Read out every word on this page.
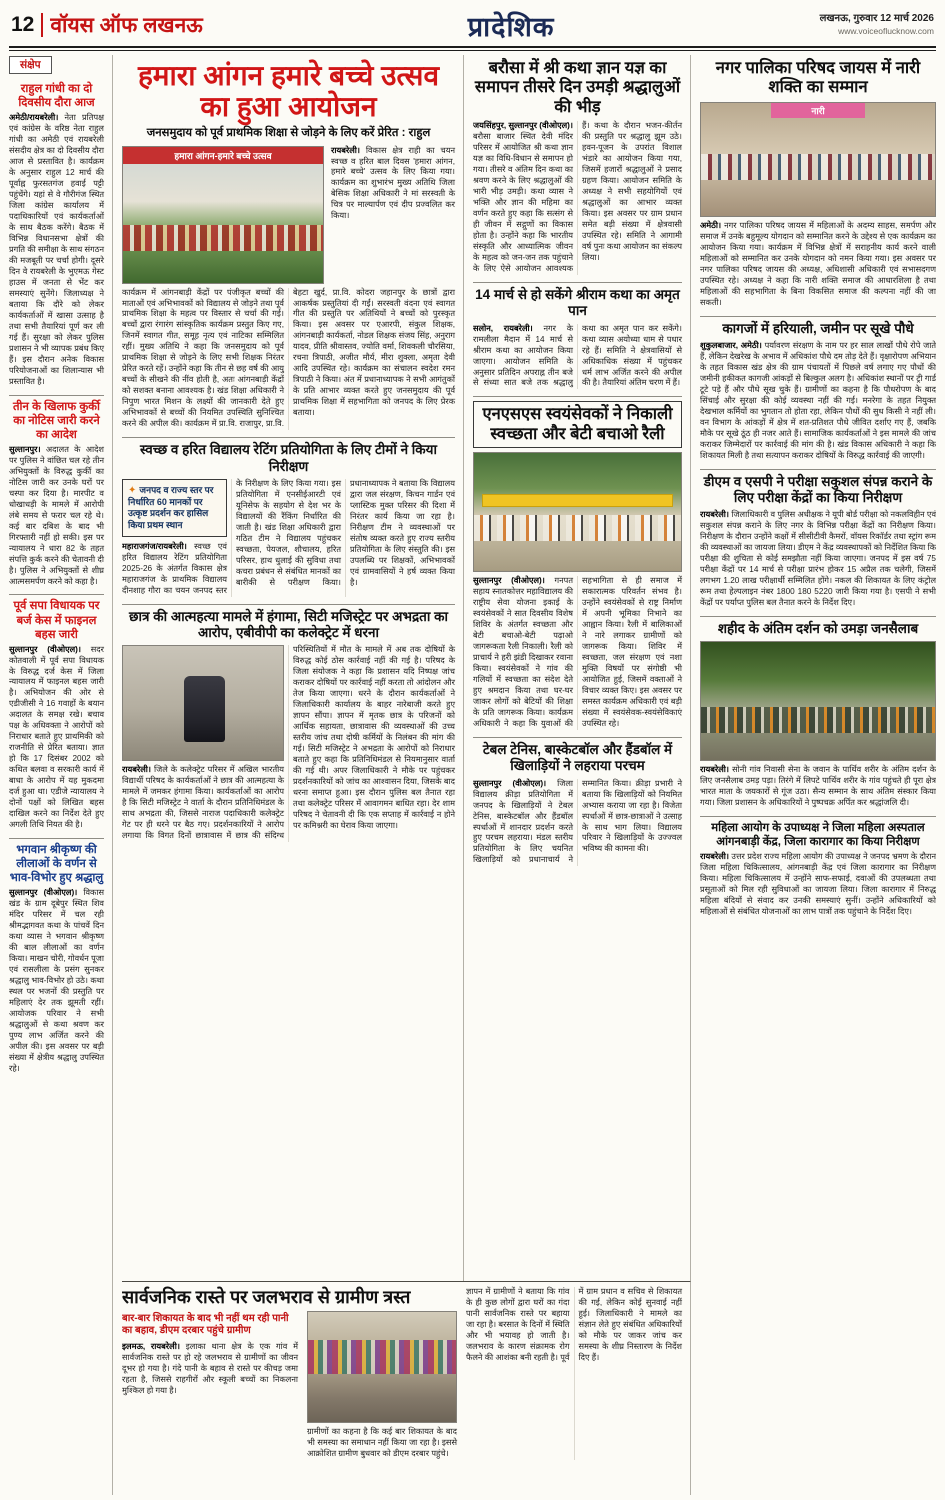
12 वॉयस ऑफ लखनऊ	प्रादेशिक	लखनऊ, गुरुवार 12 मार्च 2026
www.voiceoflucknow.com
संक्षेप
राहुल गांधी का दो दिवसीय दौरा आज

अमेठी/रायबरेली। नेता प्रतिपक्ष एवं कांग्रेस के वरिष्ठ नेता राहुल गांधी का अमेठी एवं रायबरेली संसदीय क्षेत्र का दो दिवसीय दौरा आज से प्रस्तावित है। कार्यक्रम के अनुसार राहुल 12 मार्च की पूर्वाह्न फुरसतगंज हवाई पट्टी पहुंचेंगे। यहां से वे गौरीगंज स्थित जिला कांग्रेस कार्यालय में पदाधिकारियों एवं कार्यकर्ताओं के साथ बैठक करेंगे। बैठक में विभिन्न विधानसभा क्षेत्रों की प्रगति की समीक्षा के साथ संगठन की मजबूती पर चर्चा होगी। दूसरे दिन वे रायबरेली के भुएमऊ गेस्ट हाउस में जनता से भेंट कर समस्याएं सुनेंगे। जिलाध्यक्ष ने बताया कि दौरे को लेकर कार्यकर्ताओं में खासा उत्साह है तथा सभी तैयारियां पूर्ण कर ली गई हैं। सुरक्षा को लेकर पुलिस प्रशासन ने भी व्यापक प्रबंध किए हैं। इस दौरान अनेक विकास परियोजनाओं का शिलान्यास भी प्रस्तावित है।

तीन के खिलाफ कुर्की का नोटिस जारी करने का आदेश

सुल्तानपुर। अदालत के आदेश पर पुलिस ने वांछित चल रहे तीन अभियुक्तों के विरुद्ध कुर्की का नोटिस जारी कर उनके घरों पर चस्पा कर दिया है। मारपीट व धोखाधड़ी के मामले में आरोपी लंबे समय से फरार चल रहे थे। कई बार दबिश के बाद भी गिरफ्तारी नहीं हो सकी। इस पर न्यायालय ने धारा 82 के तहत संपत्ति कुर्क करने की चेतावनी दी है। पुलिस ने अभियुक्तों से शीघ्र आत्मसमर्पण करने को कहा है।

पूर्व सपा विधायक पर बर्ज केस में फाइनल बहस जारी

सुल्तानपुर (वीओएल)। सदर कोतवाली में पूर्व सपा विधायक के विरुद्ध दर्ज केस में जिला न्यायालय में फाइनल बहस जारी है। अभियोजन की ओर से एडीजीसी ने 16 गवाहों के बयान अदालत के समक्ष रखे। बचाव पक्ष के अधिवक्ता ने आरोपों को निराधार बताते हुए प्राथमिकी को राजनीति से प्रेरित बताया। ज्ञात हो कि 17 दिसंबर 2002 को कथित बलवा व सरकारी कार्य में बाधा के आरोप में यह मुकदमा दर्ज हुआ था। एडीजे न्यायालय ने दोनों पक्षों को लिखित बहस दाखिल करने का निर्देश देते हुए अगली तिथि नियत की है।

भगवान श्रीकृष्ण की लीलाओं के वर्णन से भाव-विभोर हुए श्रद्धालु

सुल्तानपुर (वीओएल)। विकास खंड के ग्राम दूबेपुर स्थित शिव मंदिर परिसर में चल रही श्रीमद्भागवत कथा के पांचवें दिन कथा व्यास ने भगवान श्रीकृष्ण की बाल लीलाओं का वर्णन किया। माखन चोरी, गोवर्धन पूजा एवं रासलीला के प्रसंग सुनकर श्रद्धालु भाव-विभोर हो उठे। कथा स्थल पर भजनों की प्रस्तुति पर महिलाएं देर तक झूमती रहीं। आयोजक परिवार ने सभी श्रद्धालुओं से कथा श्रवण कर पुण्य लाभ अर्जित करने की अपील की। इस अवसर पर बड़ी संख्या में क्षेत्रीय श्रद्धालु उपस्थित रहे।

हमारा आंगन हमारे बच्चे उत्सव का हुआ आयोजन
जनसमुदाय को पूर्व प्राथमिक शिक्षा से जोड़ने के लिए करें प्रेरित : राहुल
हमारा आंगन-हमारे बच्चे उत्सव

रायबरेली। विकास क्षेत्र राही का चयन स्वच्छ व हरित बाल दिवस 'हमारा आंगन, हमारे बच्चे' उत्सव के लिए किया गया। कार्यक्रम का शुभारंभ मुख्य अतिथि जिला बेसिक शिक्षा अधिकारी ने मां सरस्वती के चित्र पर माल्यार्पण एवं दीप प्रज्वलित कर किया।

कार्यक्रम में आंगनबाड़ी केंद्रों पर पंजीकृत बच्चों की माताओं एवं अभिभावकों को विद्यालय से जोड़ने तथा पूर्व प्राथमिक शिक्षा के महत्व पर विस्तार से चर्चा की गई। बच्चों द्वारा रंगारंग सांस्कृतिक कार्यक्रम प्रस्तुत किए गए, जिनमें स्वागत गीत, समूह नृत्य एवं नाटिका सम्मिलित रहीं। मुख्य अतिथि ने कहा कि जनसमुदाय को पूर्व प्राथमिक शिक्षा से जोड़ने के लिए सभी शिक्षक निरंतर प्रेरित करते रहें। उन्होंने कहा कि तीन से छह वर्ष की आयु बच्चों के सीखने की नींव होती है, अतः आंगनबाड़ी केंद्रों को सशक्त बनाना आवश्यक है। खंड शिक्षा अधिकारी ने निपुण भारत मिशन के लक्ष्यों की जानकारी देते हुए अभिभावकों से बच्चों की नियमित उपस्थिति सुनिश्चित करने की अपील की। कार्यक्रम में प्रा.वि. राजापुर, प्रा.वि. बेहटा खुर्द, प्रा.वि. कोदरा जहानपुर के छात्रों द्वारा आकर्षक प्रस्तुतियां दी गईं। सरस्वती वंदना एवं स्वागत गीत की प्रस्तुति पर अतिथियों ने बच्चों को पुरस्कृत किया। इस अवसर पर एआरपी, संकुल शिक्षक, आंगनबाड़ी कार्यकर्ता, नोडल शिक्षक संजय सिंह, अनुराग यादव, प्रीति श्रीवास्तव, ज्योति वर्मा, शिवकली चौरसिया, रचना त्रिपाठी, अजीत मौर्य, मीरा शुक्ला, अमृता देवी आदि उपस्थित रहे। कार्यक्रम का संचालन स्वदेश रमन त्रिपाठी ने किया। अंत में प्रधानाध्यापक ने सभी आगंतुकों के प्रति आभार व्यक्त करते हुए जनसमुदाय की पूर्व प्राथमिक शिक्षा में सहभागिता को जनपद के लिए प्रेरक बताया।

स्वच्छ व हरित विद्यालय रेटिंग प्रतियोगिता के लिए टीमों ने किया निरीक्षण
✦ जनपद व राज्य स्तर पर निर्धारित 60 मानकों पर उत्कृष्ट प्रदर्शन कर हासिल किया प्रथम स्थान

महाराजगंज/रायबरेली। स्वच्छ एवं हरित विद्यालय रेटिंग प्रतियोगिता 2025-26 के अंतर्गत विकास क्षेत्र महाराजगंज के प्राथमिक विद्यालय दीनशाह गौरा का चयन जनपद स्तर के निरीक्षण के लिए किया गया। इस प्रतियोगिता में एनसीईआरटी एवं यूनिसेफ के सहयोग से देश भर के विद्यालयों की रैंकिंग निर्धारित की जाती है। खंड शिक्षा अधिकारी द्वारा गठित टीम ने विद्यालय पहुंचकर स्वच्छता, पेयजल, शौचालय, हरित परिसर, हाथ धुलाई की सुविधा तथा कचरा प्रबंधन से संबंधित मानकों का बारीकी से परीक्षण किया। प्रधानाध्यापक ने बताया कि विद्यालय द्वारा जल संरक्षण, किचन गार्डन एवं प्लास्टिक मुक्त परिसर की दिशा में निरंतर कार्य किया जा रहा है। निरीक्षण टीम ने व्यवस्थाओं पर संतोष व्यक्त करते हुए राज्य स्तरीय प्रतियोगिता के लिए संस्तुति की। इस उपलब्धि पर शिक्षकों, अभिभावकों एवं ग्रामवासियों ने हर्ष व्यक्त किया है।

छात्र की आत्महत्या मामले में हंगामा, सिटी मजिस्ट्रेट पर अभद्रता का आरोप, एबीवीपी का कलेक्ट्रेट में धरना

रायबरेली। जिले के कलेक्ट्रेट परिसर में अखिल भारतीय विद्यार्थी परिषद के कार्यकर्ताओं ने छात्र की आत्महत्या के मामले में जमकर हंगामा किया। कार्यकर्ताओं का आरोप है कि सिटी मजिस्ट्रेट ने वार्ता के दौरान प्रतिनिधिमंडल के साथ अभद्रता की, जिससे नाराज पदाधिकारी कलेक्ट्रेट गेट पर ही धरने पर बैठ गए। प्रदर्शनकारियों ने आरोप लगाया कि विगत दिनों छात्रावास में छात्र की संदिग्ध परिस्थितियों में मौत के मामले में अब तक दोषियों के विरुद्ध कोई ठोस कार्रवाई नहीं की गई है। परिषद के जिला संयोजक ने कहा कि प्रशासन यदि निष्पक्ष जांच कराकर दोषियों पर कार्रवाई नहीं करता तो आंदोलन और तेज किया जाएगा। धरने के दौरान कार्यकर्ताओं ने जिलाधिकारी कार्यालय के बाहर नारेबाजी करते हुए ज्ञापन सौंपा। ज्ञापन में मृतक छात्र के परिजनों को आर्थिक सहायता, छात्रावास की व्यवस्थाओं की उच्च स्तरीय जांच तथा दोषी कर्मियों के निलंबन की मांग की गई। सिटी मजिस्ट्रेट ने अभद्रता के आरोपों को निराधार बताते हुए कहा कि प्रतिनिधिमंडल से नियमानुसार वार्ता की गई थी। अपर जिलाधिकारी ने मौके पर पहुंचकर प्रदर्शनकारियों को जांच का आश्वासन दिया, जिसके बाद धरना समाप्त हुआ। इस दौरान पुलिस बल तैनात रहा तथा कलेक्ट्रेट परिसर में आवागमन बाधित रहा। देर शाम परिषद ने चेतावनी दी कि एक सप्ताह में कार्रवाई न होने पर कमिश्नरी का घेराव किया जाएगा।

बरौसा में श्री कथा ज्ञान यज्ञ का समापन तीसरे दिन उमड़ी श्रद्धालुओं की भीड़

जयसिंहपुर, सुल्तानपुर (वीओएल)। बरौसा बाजार स्थित देवी मंदिर परिसर में आयोजित श्री कथा ज्ञान यज्ञ का विधि-विधान से समापन हो गया। तीसरे व अंतिम दिन कथा का श्रवण करने के लिए श्रद्धालुओं की भारी भीड़ उमड़ी। कथा व्यास ने भक्ति और ज्ञान की महिमा का वर्णन करते हुए कहा कि सत्संग से ही जीवन में सद्गुणों का विकास होता है। उन्होंने कहा कि भारतीय संस्कृति और आध्यात्मिक जीवन के महत्व को जन-जन तक पहुंचाने के लिए ऐसे आयोजन आवश्यक हैं। कथा के दौरान भजन-कीर्तन की प्रस्तुति पर श्रद्धालु झूम उठे। हवन-पूजन के उपरांत विशाल भंडारे का आयोजन किया गया, जिसमें हजारों श्रद्धालुओं ने प्रसाद ग्रहण किया। आयोजन समिति के अध्यक्ष ने सभी सहयोगियों एवं श्रद्धालुओं का आभार व्यक्त किया। इस अवसर पर ग्राम प्रधान समेत बड़ी संख्या में क्षेत्रवासी उपस्थित रहे। समिति ने आगामी वर्ष पुनः कथा आयोजन का संकल्प लिया।

14 मार्च से हो सकेंगे श्रीराम कथा का अमृत पान

सलोन, रायबरेली। नगर के रामलीला मैदान में 14 मार्च से श्रीराम कथा का आयोजन किया जाएगा। आयोजन समिति के अनुसार प्रतिदिन अपराह्न तीन बजे से संध्या सात बजे तक श्रद्धालु कथा का अमृत पान कर सकेंगे। कथा व्यास अयोध्या धाम से पधार रहे हैं। समिति ने क्षेत्रवासियों से अधिकाधिक संख्या में पहुंचकर धर्म लाभ अर्जित करने की अपील की है। तैयारियां अंतिम चरण में हैं।

एनएसएस स्वयंसेवकों ने निकाली स्वच्छता और बेटी बचाओ रैली

सुल्तानपुर (वीओएल)। गनपत सहाय स्नातकोत्तर महाविद्यालय की राष्ट्रीय सेवा योजना इकाई के स्वयंसेवकों ने सात दिवसीय विशेष शिविर के अंतर्गत स्वच्छता और बेटी बचाओ-बेटी पढ़ाओ जागरूकता रैली निकाली। रैली को प्राचार्य ने हरी झंडी दिखाकर रवाना किया। स्वयंसेवकों ने गांव की गलियों में स्वच्छता का संदेश देते हुए श्रमदान किया तथा घर-घर जाकर लोगों को बेटियों की शिक्षा के प्रति जागरूक किया। कार्यक्रम अधिकारी ने कहा कि युवाओं की सहभागिता से ही समाज में सकारात्मक परिवर्तन संभव है। उन्होंने स्वयंसेवकों से राष्ट्र निर्माण में अपनी भूमिका निभाने का आह्वान किया। रैली में बालिकाओं ने नारे लगाकर ग्रामीणों को जागरूक किया। शिविर में स्वच्छता, जल संरक्षण एवं नशा मुक्ति विषयों पर संगोष्ठी भी आयोजित हुई, जिसमें वक्ताओं ने विचार व्यक्त किए। इस अवसर पर समस्त कार्यक्रम अधिकारी एवं बड़ी संख्या में स्वयंसेवक-स्वयंसेविकाएं उपस्थित रहे।

टेबल टेनिस, बास्केटबॉल और हैंडबॉल में खिलाड़ियों ने लहराया परचम

सुल्तानपुर (वीओएल)। जिला विद्यालय क्रीड़ा प्रतियोगिता में जनपद के खिलाड़ियों ने टेबल टेनिस, बास्केटबॉल और हैंडबॉल स्पर्धाओं में शानदार प्रदर्शन करते हुए परचम लहराया। मंडल स्तरीय प्रतियोगिता के लिए चयनित खिलाड़ियों को प्रधानाचार्य ने सम्मानित किया। क्रीड़ा प्रभारी ने बताया कि खिलाड़ियों को नियमित अभ्यास कराया जा रहा है। विजेता स्पर्धाओं में छात्र-छात्राओं ने उत्साह के साथ भाग लिया। विद्यालय परिवार ने खिलाड़ियों के उज्ज्वल भविष्य की कामना की।

नगर पालिका परिषद जायस में नारी शक्ति का सम्मान
नारी

अमेठी। नगर पालिका परिषद जायस में महिलाओं के अदम्य साहस, समर्पण और समाज में उनके बहुमूल्य योगदान को सम्मानित करने के उद्देश्य से एक कार्यक्रम का आयोजन किया गया। कार्यक्रम में विभिन्न क्षेत्रों में सराहनीय कार्य करने वाली महिलाओं को सम्मानित कर उनके योगदान को नमन किया गया। इस अवसर पर नगर पालिका परिषद जायस की अध्यक्ष, अधिशासी अधिकारी एवं सभासदगण उपस्थित रहे। अध्यक्ष ने कहा कि नारी शक्ति समाज की आधारशिला है तथा महिलाओं की सहभागिता के बिना विकसित समाज की कल्पना नहीं की जा सकती।

कागजों में हरियाली, जमीन पर सूखे पौधे

शुकुलबाजार, अमेठी। पर्यावरण संरक्षण के नाम पर हर साल लाखों पौधे रोपे जाते हैं, लेकिन देखरेख के अभाव में अधिकांश पौधे दम तोड़ देते हैं। वृक्षारोपण अभियान के तहत विकास खंड क्षेत्र की ग्राम पंचायतों में पिछले वर्ष लगाए गए पौधों की जमीनी हकीकत कागजी आंकड़ों से बिल्कुल अलग है। अधिकांश स्थानों पर ट्री गार्ड टूटे पड़े हैं और पौधे सूख चुके हैं। ग्रामीणों का कहना है कि पौधरोपण के बाद सिंचाई और सुरक्षा की कोई व्यवस्था नहीं की गई। मनरेगा के तहत नियुक्त देखभाल कर्मियों का भुगतान तो होता रहा, लेकिन पौधों की सुध किसी ने नहीं ली। वन विभाग के आंकड़ों में क्षेत्र में शत-प्रतिशत पौधे जीवित दर्शाए गए हैं, जबकि मौके पर सूखे ठूंठ ही नजर आते हैं। सामाजिक कार्यकर्ताओं ने इस मामले की जांच कराकर जिम्मेदारों पर कार्रवाई की मांग की है। खंड विकास अधिकारी ने कहा कि शिकायत मिली है तथा सत्यापन कराकर दोषियों के विरुद्ध कार्रवाई की जाएगी।

डीएम व एसपी ने परीक्षा सकुशल संपन्न कराने के लिए परीक्षा केंद्रों का किया निरीक्षण

रायबरेली। जिलाधिकारी व पुलिस अधीक्षक ने यूपी बोर्ड परीक्षा को नकलविहीन एवं सकुशल संपन्न कराने के लिए नगर के विभिन्न परीक्षा केंद्रों का निरीक्षण किया। निरीक्षण के दौरान उन्होंने कक्षों में सीसीटीवी कैमरों, वॉयस रिकॉर्डर तथा स्ट्रांग रूम की व्यवस्थाओं का जायजा लिया। डीएम ने केंद्र व्यवस्थापकों को निर्देशित किया कि परीक्षा की शुचिता से कोई समझौता नहीं किया जाएगा। जनपद में इस वर्ष 75 परीक्षा केंद्रों पर 14 मार्च से परीक्षा प्रारंभ होकर 15 अप्रैल तक चलेगी, जिसमें लगभग 1.20 लाख परीक्षार्थी सम्मिलित होंगे। नकल की शिकायत के लिए कंट्रोल रूम तथा हेल्पलाइन नंबर 1800 180 5220 जारी किया गया है। एसपी ने सभी केंद्रों पर पर्याप्त पुलिस बल तैनात करने के निर्देश दिए।

शहीद के अंतिम दर्शन को उमड़ा जनसैलाब

रायबरेली। सोनी गांव निवासी सेना के जवान के पार्थिव शरीर के अंतिम दर्शन के लिए जनसैलाब उमड़ पड़ा। तिरंगे में लिपटे पार्थिव शरीर के गांव पहुंचते ही पूरा क्षेत्र भारत माता के जयकारों से गूंज उठा। सैन्य सम्मान के साथ अंतिम संस्कार किया गया। जिला प्रशासन के अधिकारियों ने पुष्पचक्र अर्पित कर श्रद्धांजलि दी।

महिला आयोग के उपाध्यक्ष ने जिला महिला अस्पताल आंगनबाड़ी केंद्र, जिला कारागार का किया निरीक्षण

रायबरेली। उत्तर प्रदेश राज्य महिला आयोग की उपाध्यक्ष ने जनपद भ्रमण के दौरान जिला महिला चिकित्सालय, आंगनबाड़ी केंद्र एवं जिला कारागार का निरीक्षण किया। महिला चिकित्सालय में उन्होंने साफ-सफाई, दवाओं की उपलब्धता तथा प्रसूताओं को मिल रही सुविधाओं का जायजा लिया। जिला कारागार में निरुद्ध महिला बंदियों से संवाद कर उनकी समस्याएं सुनीं। उन्होंने अधिकारियों को महिलाओं से संबंधित योजनाओं का लाभ पात्रों तक पहुंचाने के निर्देश दिए।

सार्वजनिक रास्ते पर जलभराव से ग्रामीण त्रस्त
बार-बार शिकायत के बाद भी नहीं थम रही पानी का बहाव, डीएम दरबार पहुंचे ग्रामीण

इलमऊ, रायबरेली। इलाका थाना क्षेत्र के एक गांव में सार्वजनिक रास्ते पर हो रहे जलभराव से ग्रामीणों का जीवन दूभर हो गया है। गंदे पानी के बहाव से रास्ते पर कीचड़ जमा रहता है, जिससे राहगीरों और स्कूली बच्चों का निकलना मुश्किल हो गया है।

ग्रामीणों का कहना है कि कई बार शिकायत के बाद भी समस्या का समाधान नहीं किया जा रहा है। इससे आक्रोशित ग्रामीण बुधवार को डीएम दरबार पहुंचे।

ज्ञापन में ग्रामीणों ने बताया कि गांव के ही कुछ लोगों द्वारा घरों का गंदा पानी सार्वजनिक रास्ते पर बहाया जा रहा है। बरसात के दिनों में स्थिति और भी भयावह हो जाती है। जलभराव के कारण संक्रामक रोग फैलने की आशंका बनी रहती है। पूर्व में ग्राम प्रधान व सचिव से शिकायत की गई, लेकिन कोई सुनवाई नहीं हुई। जिलाधिकारी ने मामले का संज्ञान लेते हुए संबंधित अधिकारियों को मौके पर जाकर जांच कर समस्या के शीघ्र निस्तारण के निर्देश दिए हैं।
